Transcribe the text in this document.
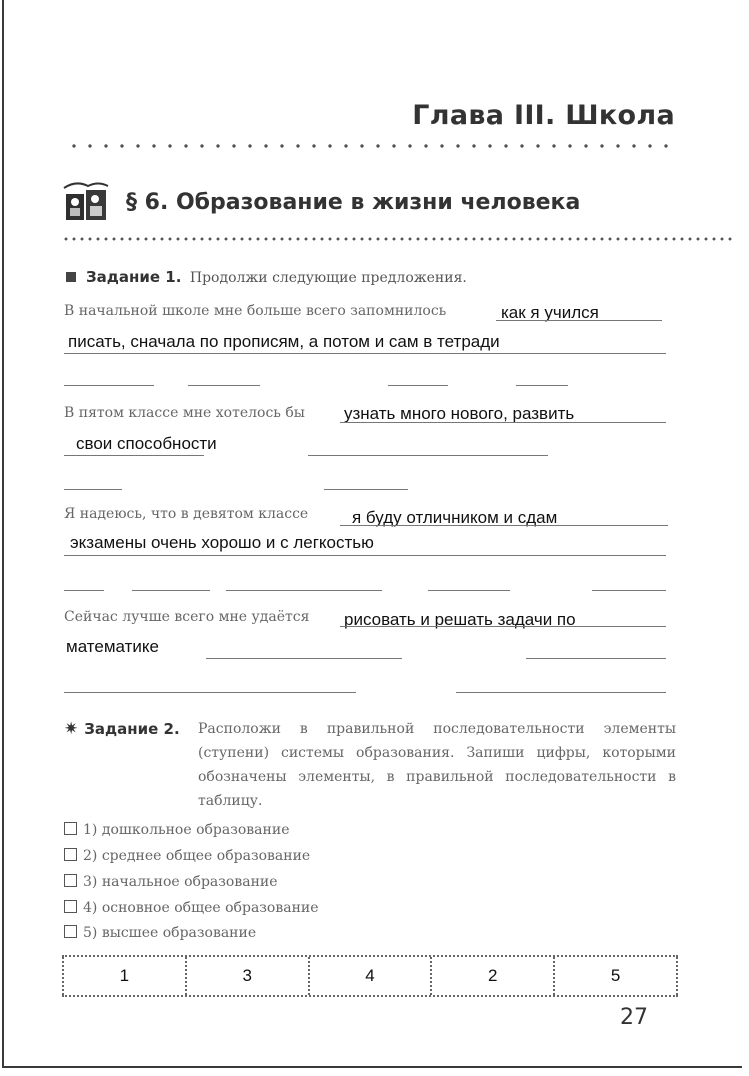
Глава III. Школа
§ 6. Образование в жизни человека
Задание 1. Продолжи следующие предложения.
В начальной школе мне больше всего запомнилось	как я учился
писать, сначала по прописям, а потом и сам в тетради
В пятом классе мне хотелось бы узнать много нового, развить
свои способности
Я надеюсь, что в девятом классе	я буду отличником и сдам
экзамены очень хорошо и с легкостью
Сейчас лучше всего мне удаётся рисовать и решать задачи по
математике
✷ Задание 2. Расположи в правильной последовательности элементы (ступени) системы образования. Запиши цифры, которыми обозначены элементы, в правильной последовательности в таблицу.
1) дошкольное образование
2) среднее общее образование
3) начальное образование
4) основное общее образование
5) высшее образование
1	3	4	2	5
27
